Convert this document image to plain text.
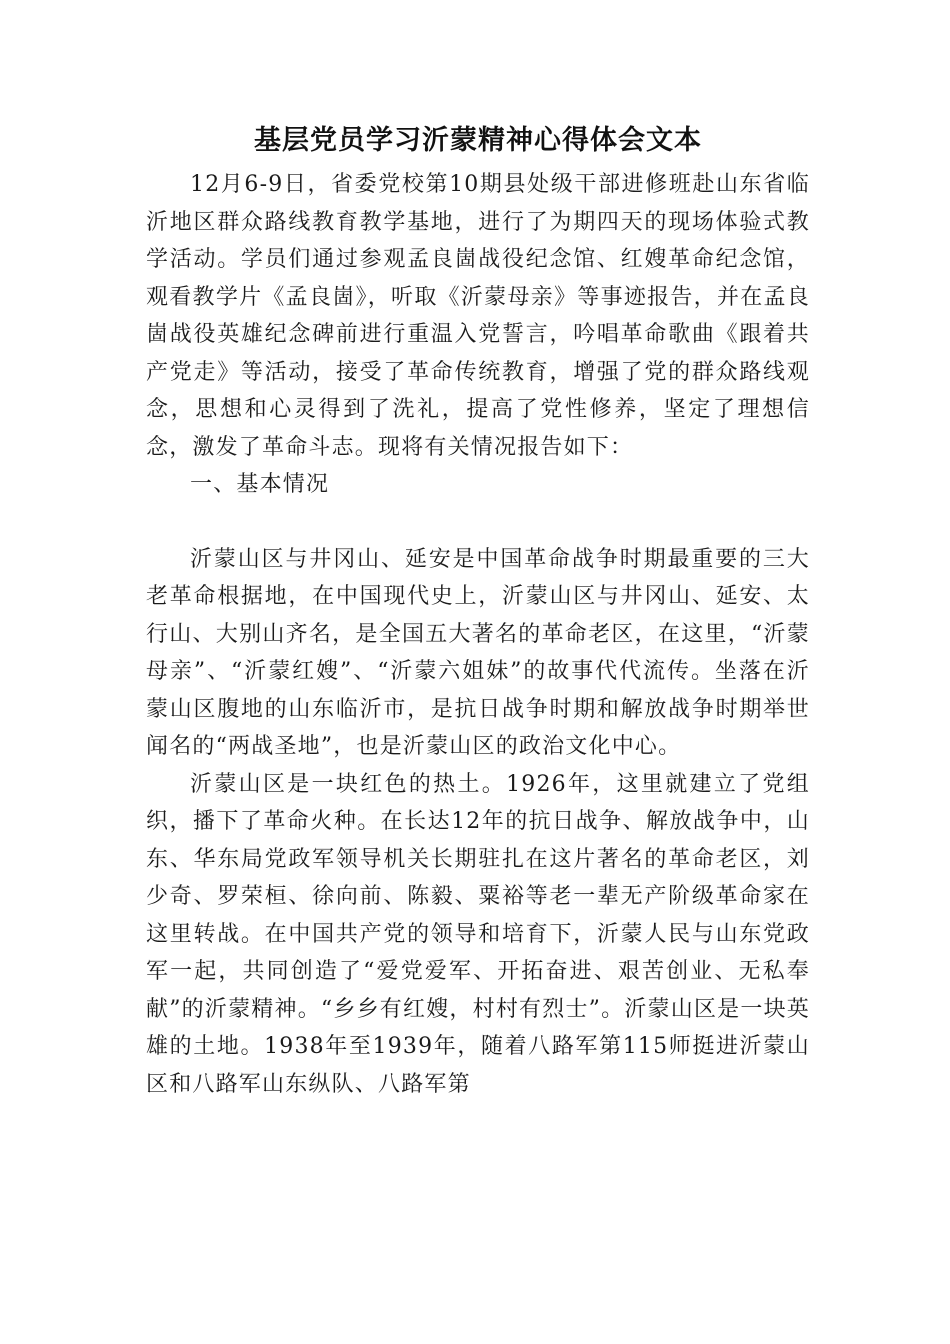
基层党员学习沂蒙精神心得体会文本

12月6-9日，省委党校第10期县处级干部进修班赴山东省临沂地区群众路线教育教学基地，进行了为期四天的现场体验式教学活动。学员们通过参观孟良崮战役纪念馆、红嫂革命纪念馆，观看教学片《孟良崮》，听取《沂蒙母亲》等事迹报告，并在孟良崮战役英雄纪念碑前进行重温入党誓言，吟唱革命歌曲《跟着共产党走》等活动，接受了革命传统教育，增强了党的群众路线观念，思想和心灵得到了洗礼，提高了党性修养，坚定了理想信念，激发了革命斗志。现将有关情况报告如下：

一、基本情况

沂蒙山区与井冈山、延安是中国革命战争时期最重要的三大老革命根据地，在中国现代史上，沂蒙山区与井冈山、延安、太行山、大别山齐名，是全国五大著名的革命老区，在这里，“沂蒙母亲”、“沂蒙红嫂”、“沂蒙六姐妹”的故事代代流传。坐落在沂蒙山区腹地的山东临沂市，是抗日战争时期和解放战争时期举世闻名的“两战圣地”，也是沂蒙山区的政治文化中心。

沂蒙山区是一块红色的热土。1926年，这里就建立了党组织，播下了革命火种。在长达12年的抗日战争、解放战争中，山东、华东局党政军领导机关长期驻扎在这片著名的革命老区，刘少奇、罗荣桓、徐向前、陈毅、粟裕等老一辈无产阶级革命家在这里转战。在中国共产党的领导和培育下，沂蒙人民与山东党政军一起，共同创造了“爱党爱军、开拓奋进、艰苦创业、无私奉献”的沂蒙精神。“乡乡有红嫂，村村有烈士”。沂蒙山区是一块英雄的土地。1938年至1939年，随着八路军第115师挺进沂蒙山区和八路军山东纵队、八路军第
